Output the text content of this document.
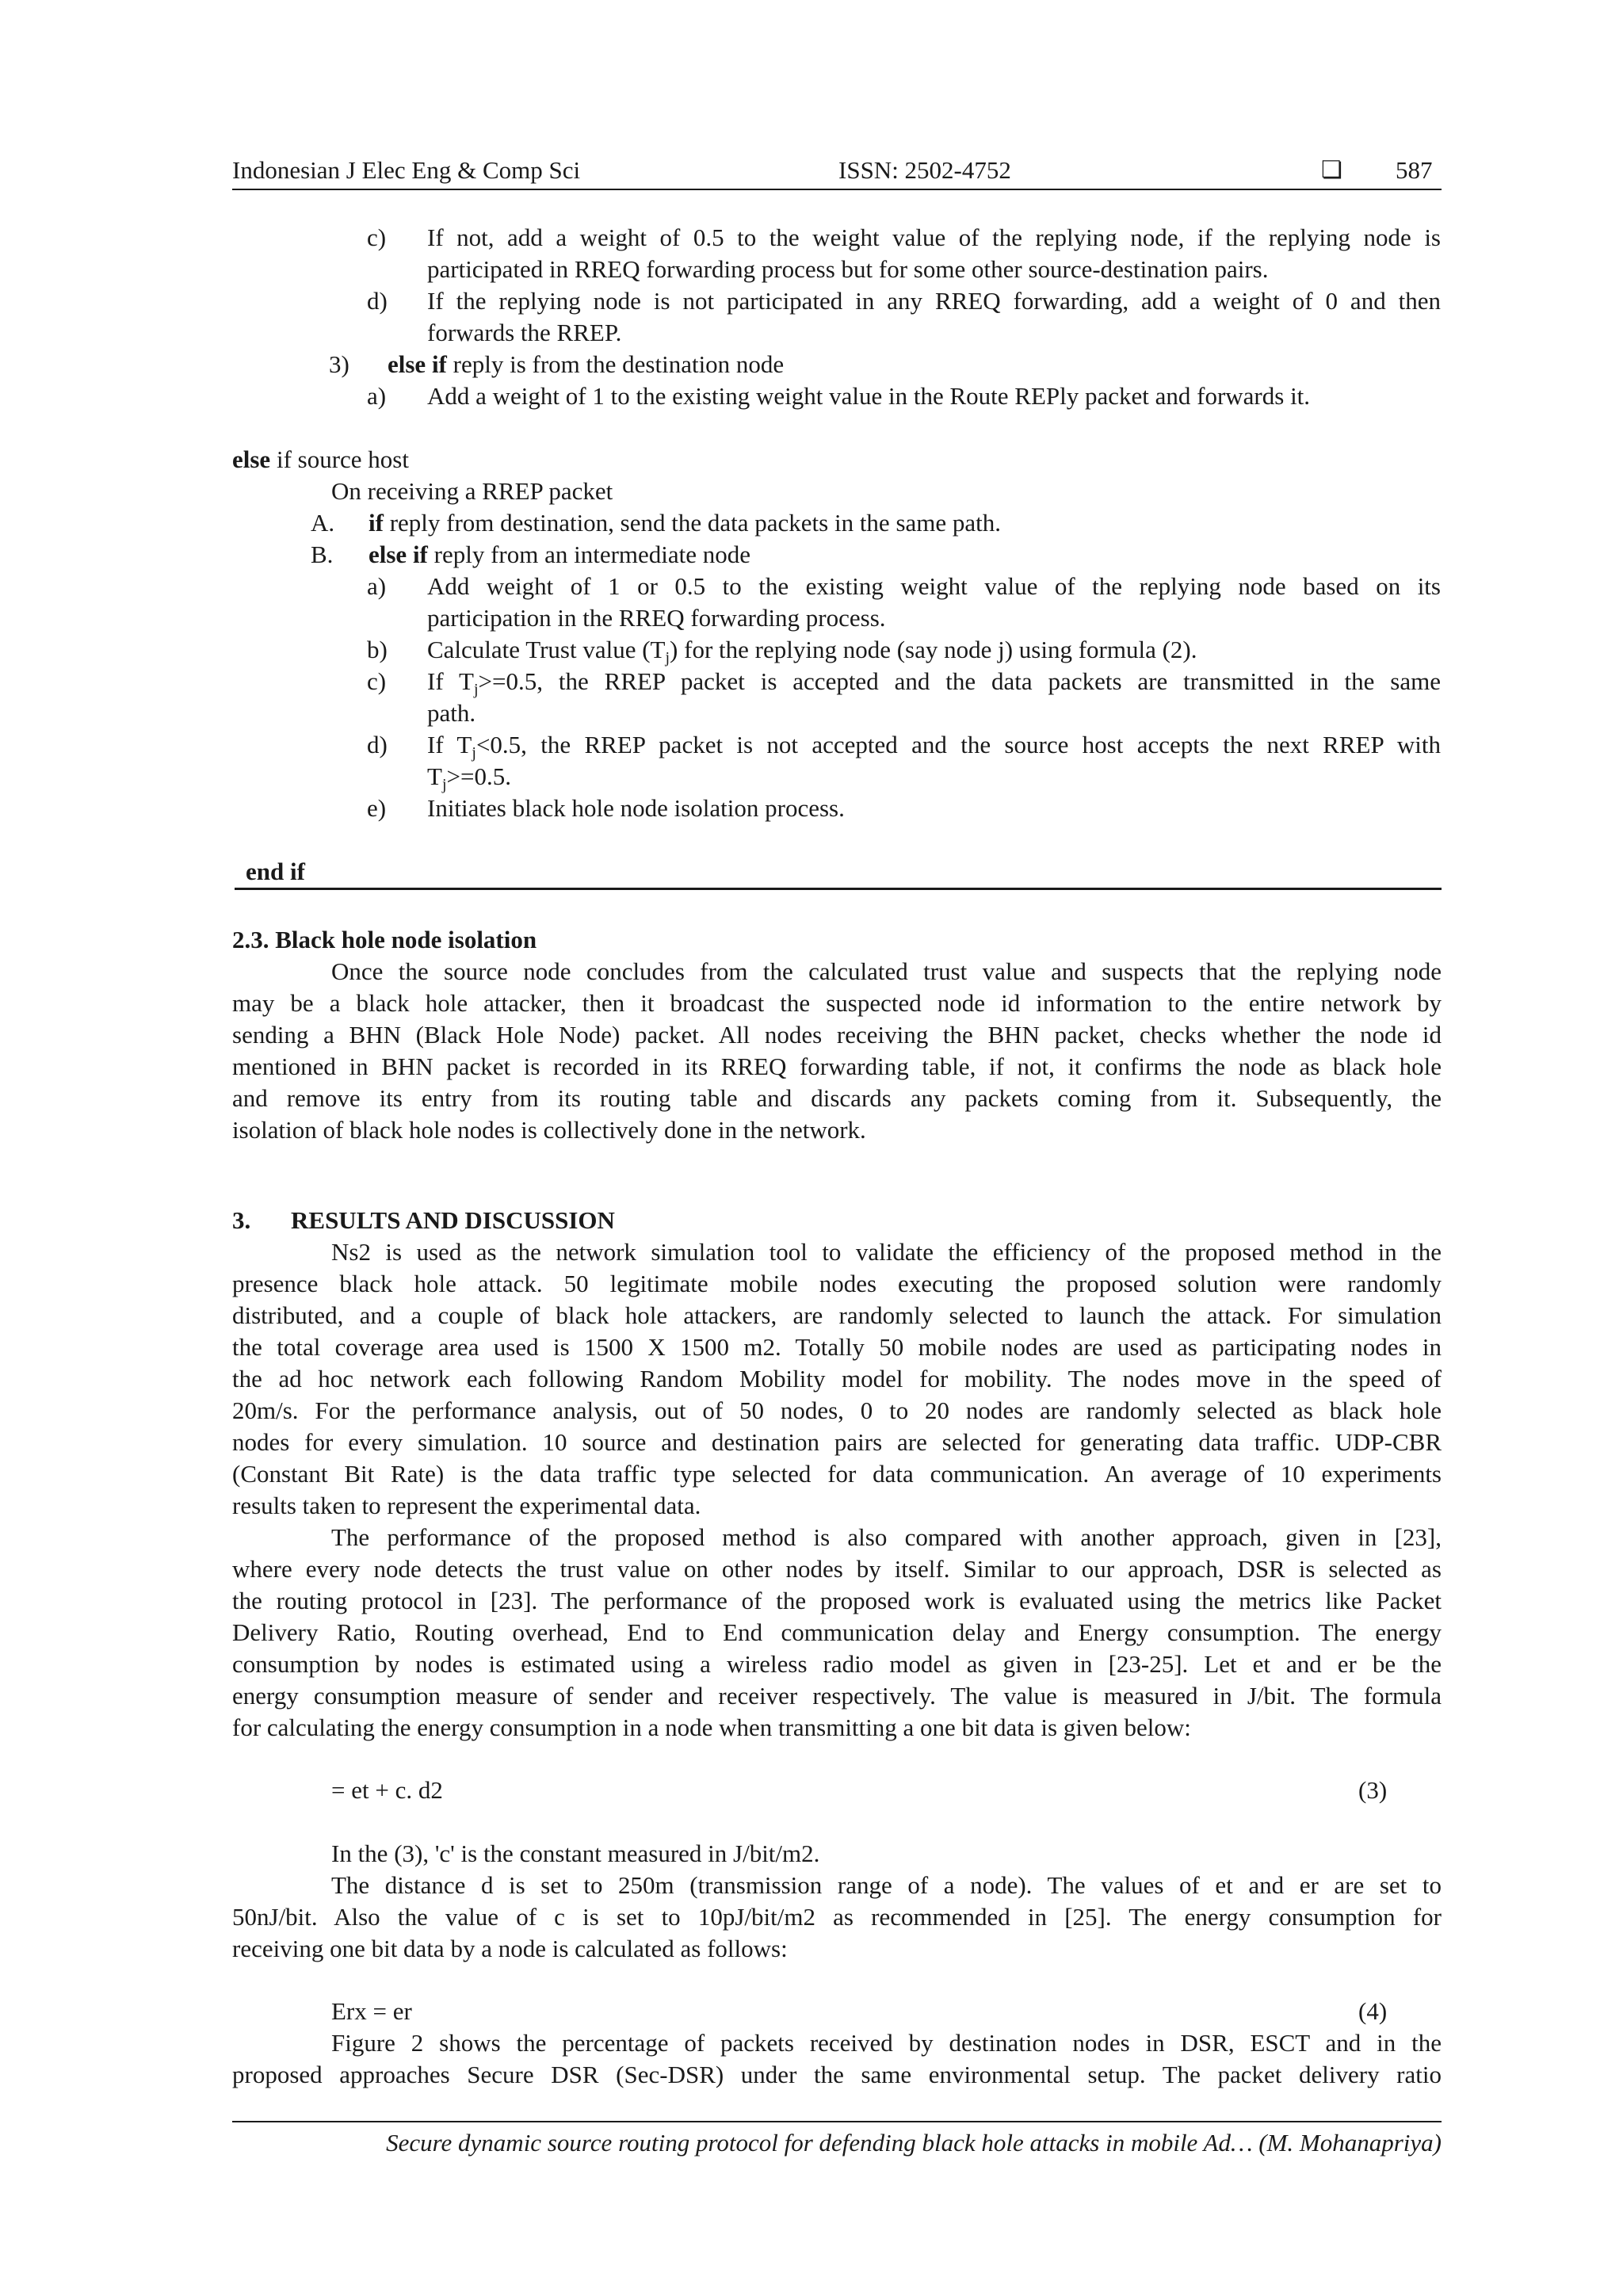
Indonesian J Elec Eng & Comp Sci	ISSN: 2502-4752	❏ 587
c) If not, add a weight of 0.5 to the weight value of the replying node, if the replying node is
participated in RREQ forwarding process but for some other source-destination pairs.
d) If the replying node is not participated in any RREQ forwarding, add a weight of 0 and then
forwards the RREP.
3) else if reply is from the destination node
a) Add a weight of 1 to the existing weight value in the Route REPly packet and forwards it.
else if source host
On receiving a RREP packet
A. if reply from destination, send the data packets in the same path.
B. else if reply from an intermediate node
a) Add weight of 1 or 0.5 to the existing weight value of the replying node based on its
participation in the RREQ forwarding process.
b) Calculate Trust value $(T_j)$ for the replying node (say node j) using formula (2).
c) If $T_j>=0.5$, the RREP packet is accepted and the data packets are transmitted in the same
path.
d) If $T_j<0.5$, the RREP packet is not accepted and the source host accepts the next RREP with
$T_j>=0.5$.
e) Initiates black hole node isolation process.
end if
2.3. Black hole node isolation
Once the source node concludes from the calculated trust value and suspects that the replying node
may be a black hole attacker, then it broadcast the suspected node id information to the entire network by
sending a BHN (Black Hole Node) packet. All nodes receiving the BHN packet, checks whether the node id
mentioned in BHN packet is recorded in its RREQ forwarding table, if not, it confirms the node as black hole
and remove its entry from its routing table and discards any packets coming from it. Subsequently, the
isolation of black hole nodes is collectively done in the network.
3. RESULTS AND DISCUSSION
Ns2 is used as the network simulation tool to validate the efficiency of the proposed method in the
presence black hole attack. 50 legitimate mobile nodes executing the proposed solution were randomly
distributed, and a couple of black hole attackers, are randomly selected to launch the attack. For simulation
the total coverage area used is 1500 X 1500 m2. Totally 50 mobile nodes are used as participating nodes in
the ad hoc network each following Random Mobility model for mobility. The nodes move in the speed of
20m/s. For the performance analysis, out of 50 nodes, 0 to 20 nodes are randomly selected as black hole
nodes for every simulation. 10 source and destination pairs are selected for generating data traffic. UDP-CBR
(Constant Bit Rate) is the data traffic type selected for data communication. An average of 10 experiments
results taken to represent the experimental data.
The performance of the proposed method is also compared with another approach, given in [23],
where every node detects the trust value on other nodes by itself. Similar to our approach, DSR is selected as
the routing protocol in [23]. The performance of the proposed work is evaluated using the metrics like Packet
Delivery Ratio, Routing overhead, End to End communication delay and Energy consumption. The energy
consumption by nodes is estimated using a wireless radio model as given in [23-25]. Let et and er be the
energy consumption measure of sender and receiver respectively. The value is measured in J/bit. The formula
for calculating the energy consumption in a node when transmitting a one bit data is given below:
= et + c. d2	(3)
In the (3), 'c' is the constant measured in J/bit/m2.
The distance d is set to 250m (transmission range of a node). The values of et and er are set to
50nJ/bit. Also the value of c is set to 10pJ/bit/m2 as recommended in [25]. The energy consumption for
receiving one bit data by a node is calculated as follows:
Erx = er	(4)
Figure 2 shows the percentage of packets received by destination nodes in DSR, ESCT and in the
proposed approaches Secure DSR (Sec-DSR) under the same environmental setup. The packet delivery ratio
Secure dynamic source routing protocol for defending black hole attacks in mobile Ad… (M. Mohanapriya)
